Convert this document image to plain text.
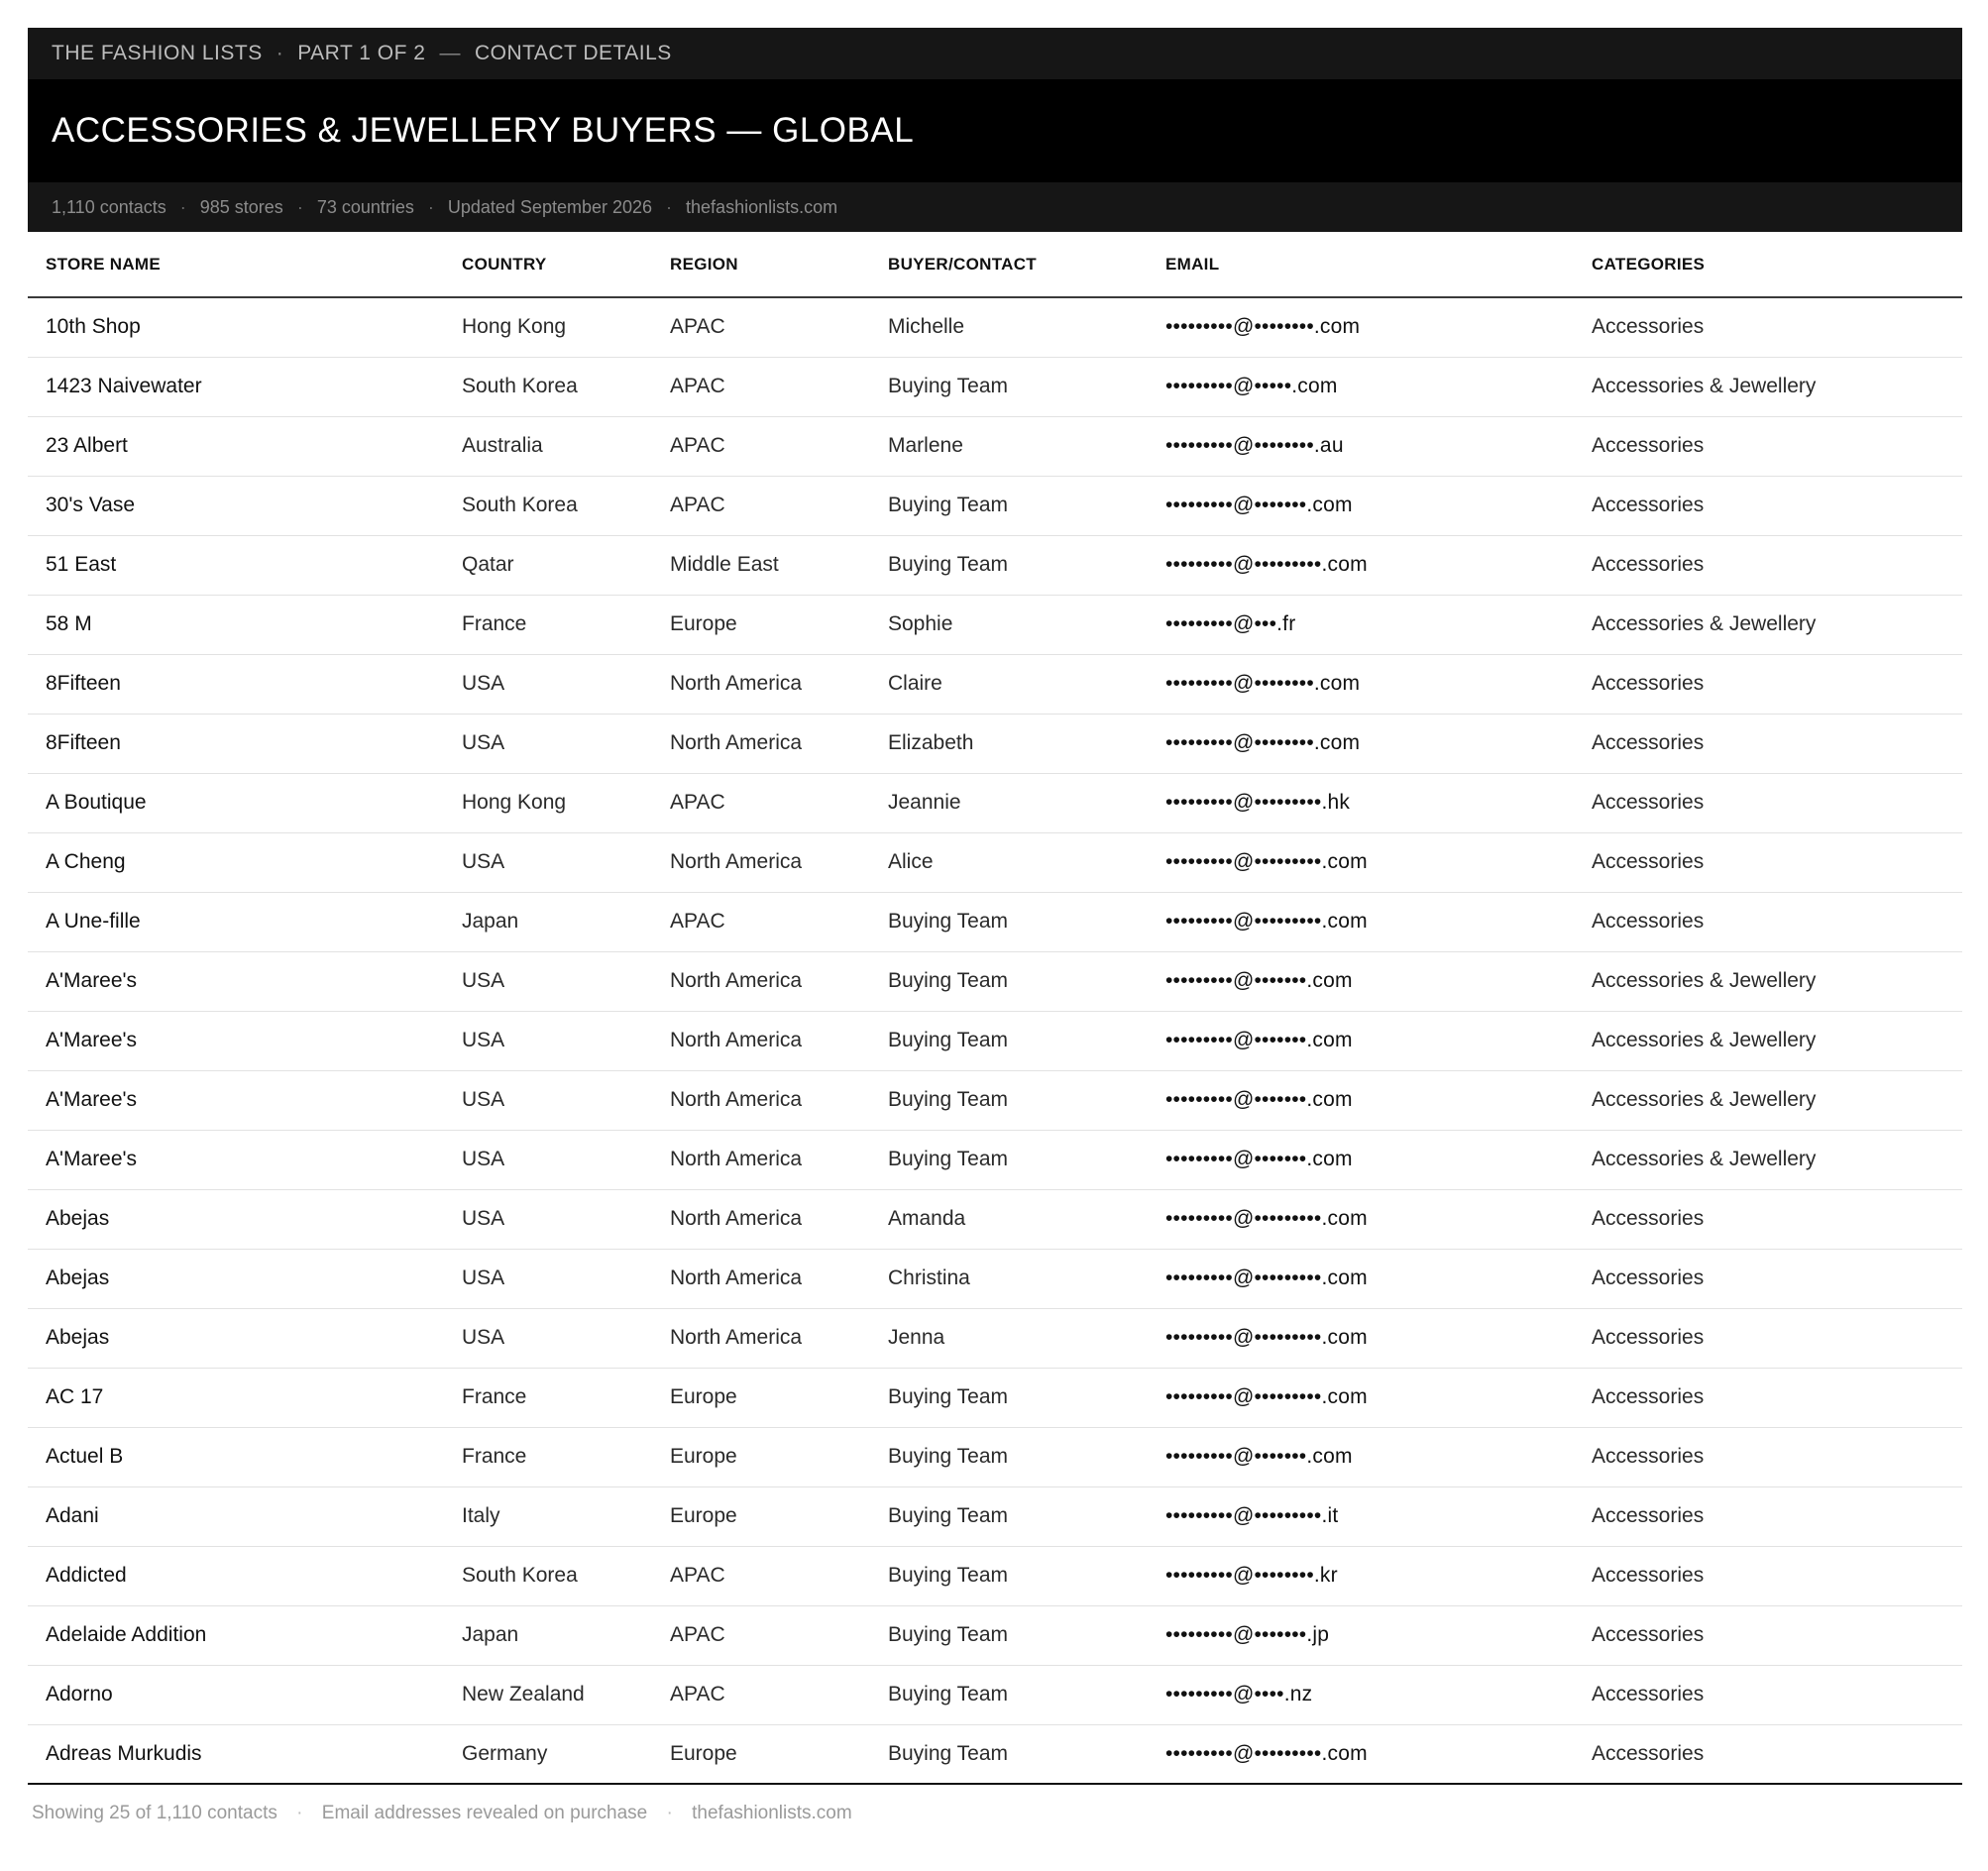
THE FASHION LISTS · PART 1 OF 2 — CONTACT DETAILS
ACCESSORIES & JEWELLERY BUYERS — GLOBAL
1,110 contacts · 985 stores · 73 countries · Updated September 2026 · thefashionlists.com
STORE NAME	COUNTRY	REGION	BUYER/CONTACT	EMAIL	CATEGORIES
10th Shop	Hong Kong	APAC	Michelle	•••••••••@••••••••.com	Accessories
1423 Naivewater	South Korea	APAC	Buying Team	•••••••••@•••••.com	Accessories & Jewellery
23 Albert	Australia	APAC	Marlene	•••••••••@••••••••.au	Accessories
30's Vase	South Korea	APAC	Buying Team	•••••••••@•••••••.com	Accessories
51 East	Qatar	Middle East	Buying Team	•••••••••@•••••••••.com	Accessories
58 M	France	Europe	Sophie	•••••••••@•••.fr	Accessories & Jewellery
8Fifteen	USA	North America	Claire	•••••••••@••••••••.com	Accessories
8Fifteen	USA	North America	Elizabeth	•••••••••@••••••••.com	Accessories
A Boutique	Hong Kong	APAC	Jeannie	•••••••••@•••••••••.hk	Accessories
A Cheng	USA	North America	Alice	•••••••••@•••••••••.com	Accessories
A Une-fille	Japan	APAC	Buying Team	•••••••••@•••••••••.com	Accessories
A'Maree's	USA	North America	Buying Team	•••••••••@•••••••.com	Accessories & Jewellery
A'Maree's	USA	North America	Buying Team	•••••••••@•••••••.com	Accessories & Jewellery
A'Maree's	USA	North America	Buying Team	•••••••••@•••••••.com	Accessories & Jewellery
A'Maree's	USA	North America	Buying Team	•••••••••@•••••••.com	Accessories & Jewellery
Abejas	USA	North America	Amanda	•••••••••@•••••••••.com	Accessories
Abejas	USA	North America	Christina	•••••••••@•••••••••.com	Accessories
Abejas	USA	North America	Jenna	•••••••••@•••••••••.com	Accessories
AC 17	France	Europe	Buying Team	•••••••••@•••••••••.com	Accessories
Actuel B	France	Europe	Buying Team	•••••••••@•••••••.com	Accessories
Adani	Italy	Europe	Buying Team	•••••••••@•••••••••.it	Accessories
Addicted	South Korea	APAC	Buying Team	•••••••••@••••••••.kr	Accessories
Adelaide Addition	Japan	APAC	Buying Team	•••••••••@•••••••.jp	Accessories
Adorno	New Zealand	APAC	Buying Team	•••••••••@••••.nz	Accessories
Adreas Murkudis	Germany	Europe	Buying Team	•••••••••@•••••••••.com	Accessories
Showing 25 of 1,110 contacts · Email addresses revealed on purchase · thefashionlists.com
